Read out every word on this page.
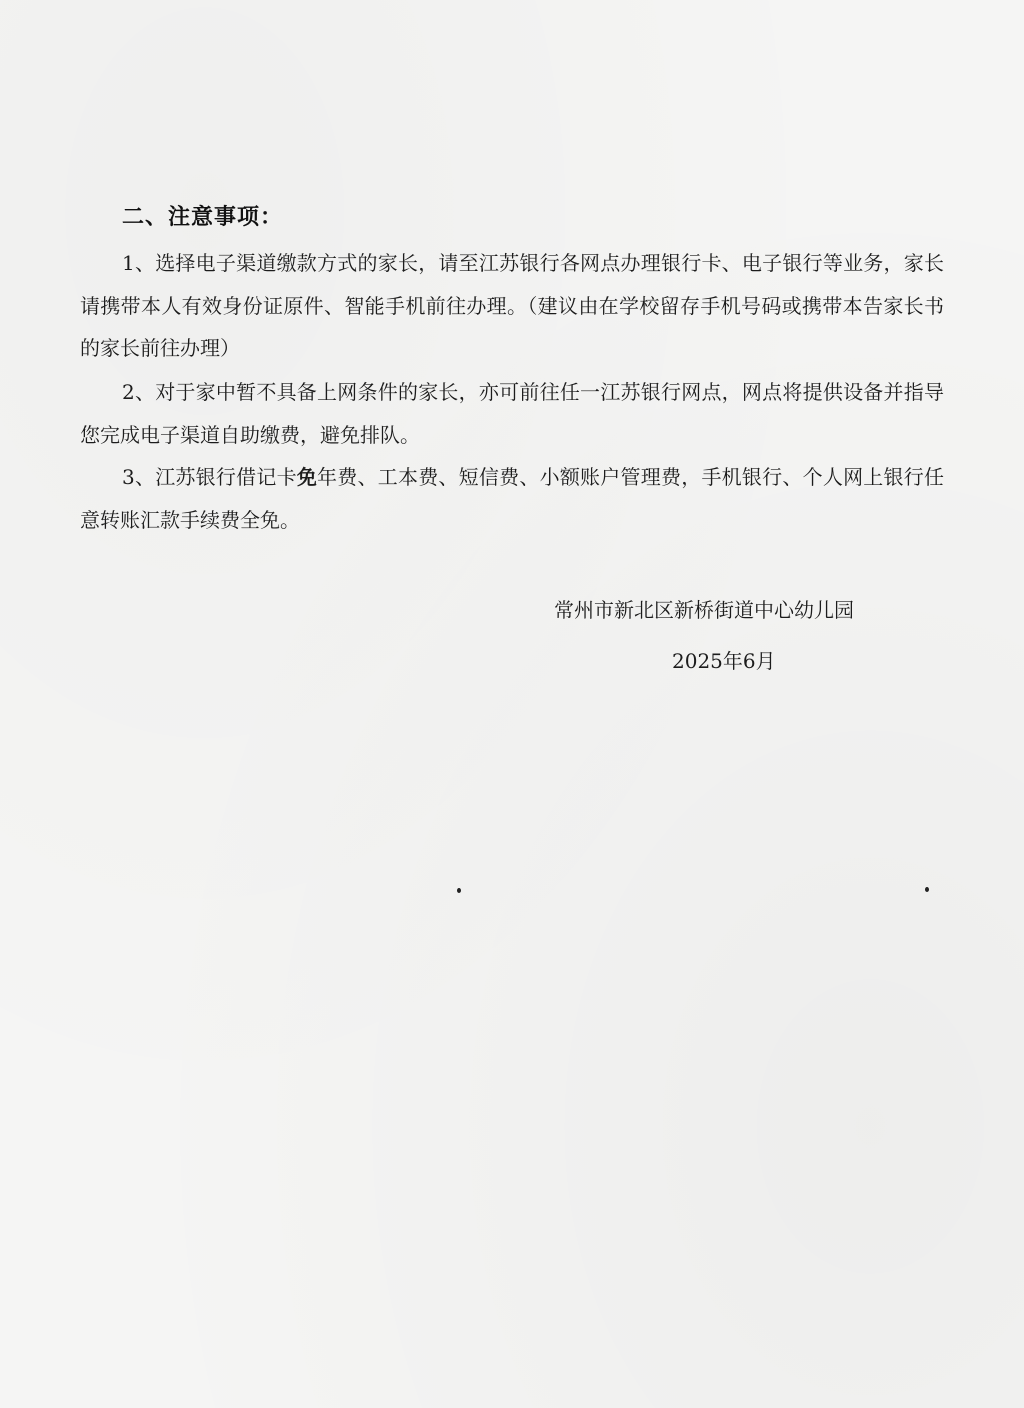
二、注意事项：

1、选择电子渠道缴款方式的家长，请至江苏银行各网点办理银行卡、电子银行等业务，家长请携带本人有效身份证原件、智能手机前往办理。（建议由在学校留存手机号码或携带本告家长书的家长前往办理）

2、对于家中暂不具备上网条件的家长，亦可前往任一江苏银行网点，网点将提供设备并指导您完成电子渠道自助缴费，避免排队。

3、江苏银行借记卡免年费、工本费、短信费、小额账户管理费，手机银行、个人网上银行任意转账汇款手续费全免。

常州市新北区新桥街道中心幼儿园

2025年6月
